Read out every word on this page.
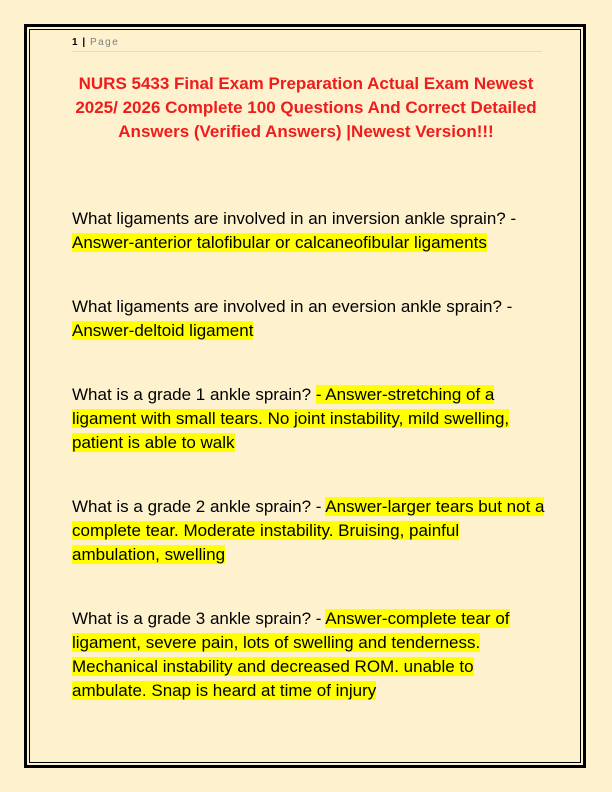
1 | Page
NURS 5433 Final Exam Preparation Actual Exam Newest 2025/ 2026 Complete 100 Questions And Correct Detailed Answers (Verified Answers) |Newest Version!!!
What ligaments are involved in an inversion ankle sprain? - Answer-anterior talofibular or calcaneofibular ligaments
What ligaments are involved in an eversion ankle sprain? - Answer-deltoid ligament
What is a grade 1 ankle sprain? - Answer-stretching of a ligament with small tears. No joint instability, mild swelling, patient is able to walk
What is a grade 2 ankle sprain? - Answer-larger tears but not a complete tear. Moderate instability. Bruising, painful ambulation, swelling
What is a grade 3 ankle sprain? - Answer-complete tear of ligament, severe pain, lots of swelling and tenderness. Mechanical instability and decreased ROM. unable to ambulate. Snap is heard at time of injury
